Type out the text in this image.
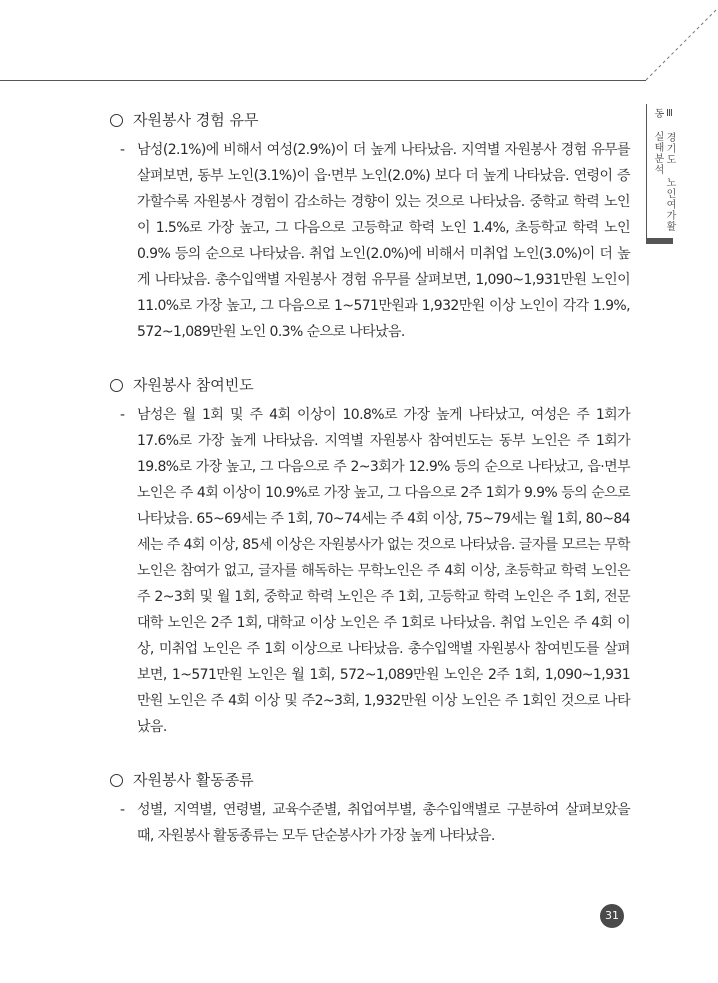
Ⅲ 경기도 노인여가활동 실태분석
자원봉사 경험 유무
- 남성(2.1%)에 비해서 여성(2.9%)이 더 높게 나타났음. 지역별 자원봉사 경험 유무를 살펴보면, 동부 노인(3.1%)이 읍·면부 노인(2.0%) 보다 더 높게 나타났음. 연령이 증가할수록 자원봉사 경험이 감소하는 경향이 있는 것으로 나타났음. 중학교 학력 노인이 1.5%로 가장 높고, 그 다음으로 고등학교 학력 노인 1.4%, 초등학교 학력 노인 0.9% 등의 순으로 나타났음. 취업 노인(2.0%)에 비해서 미취업 노인(3.0%)이 더 높게 나타났음. 총수입액별 자원봉사 경험 유무를 살펴보면, 1,090~1,931만원 노인이 11.0%로 가장 높고, 그 다음으로 1~571만원과 1,932만원 이상 노인이 각각 1.9%, 572~1,089만원 노인 0.3% 순으로 나타났음.
자원봉사 참여빈도
- 남성은 월 1회 및 주 4회 이상이 10.8%로 가장 높게 나타났고, 여성은 주 1회가 17.6%로 가장 높게 나타났음. 지역별 자원봉사 참여빈도는 동부 노인은 주 1회가 19.8%로 가장 높고, 그 다음으로 주 2~3회가 12.9% 등의 순으로 나타났고, 읍·면부 노인은 주 4회 이상이 10.9%로 가장 높고, 그 다음으로 2주 1회가 9.9% 등의 순으로 나타났음. 65~69세는 주 1회, 70~74세는 주 4회 이상, 75~79세는 월 1회, 80~84세는 주 4회 이상, 85세 이상은 자원봉사가 없는 것으로 나타났음. 글자를 모르는 무학노인은 참여가 없고, 글자를 해독하는 무학노인은 주 4회 이상, 초등학교 학력 노인은 주 2~3회 및 월 1회, 중학교 학력 노인은 주 1회, 고등학교 학력 노인은 주 1회, 전문대학 노인은 2주 1회, 대학교 이상 노인은 주 1회로 나타났음. 취업 노인은 주 4회 이상, 미취업 노인은 주 1회 이상으로 나타났음. 총수입액별 자원봉사 참여빈도를 살펴보면, 1~571만원 노인은 월 1회, 572~1,089만원 노인은 2주 1회, 1,090~1,931만원 노인은 주 4회 이상 및 주2~3회, 1,932만원 이상 노인은 주 1회인 것으로 나타났음.
자원봉사 활동종류
- 성별, 지역별, 연령별, 교육수준별, 취업여부별, 총수입액별로 구분하여 살펴보았을 때, 자원봉사 활동종류는 모두 단순봉사가 가장 높게 나타났음.
31
